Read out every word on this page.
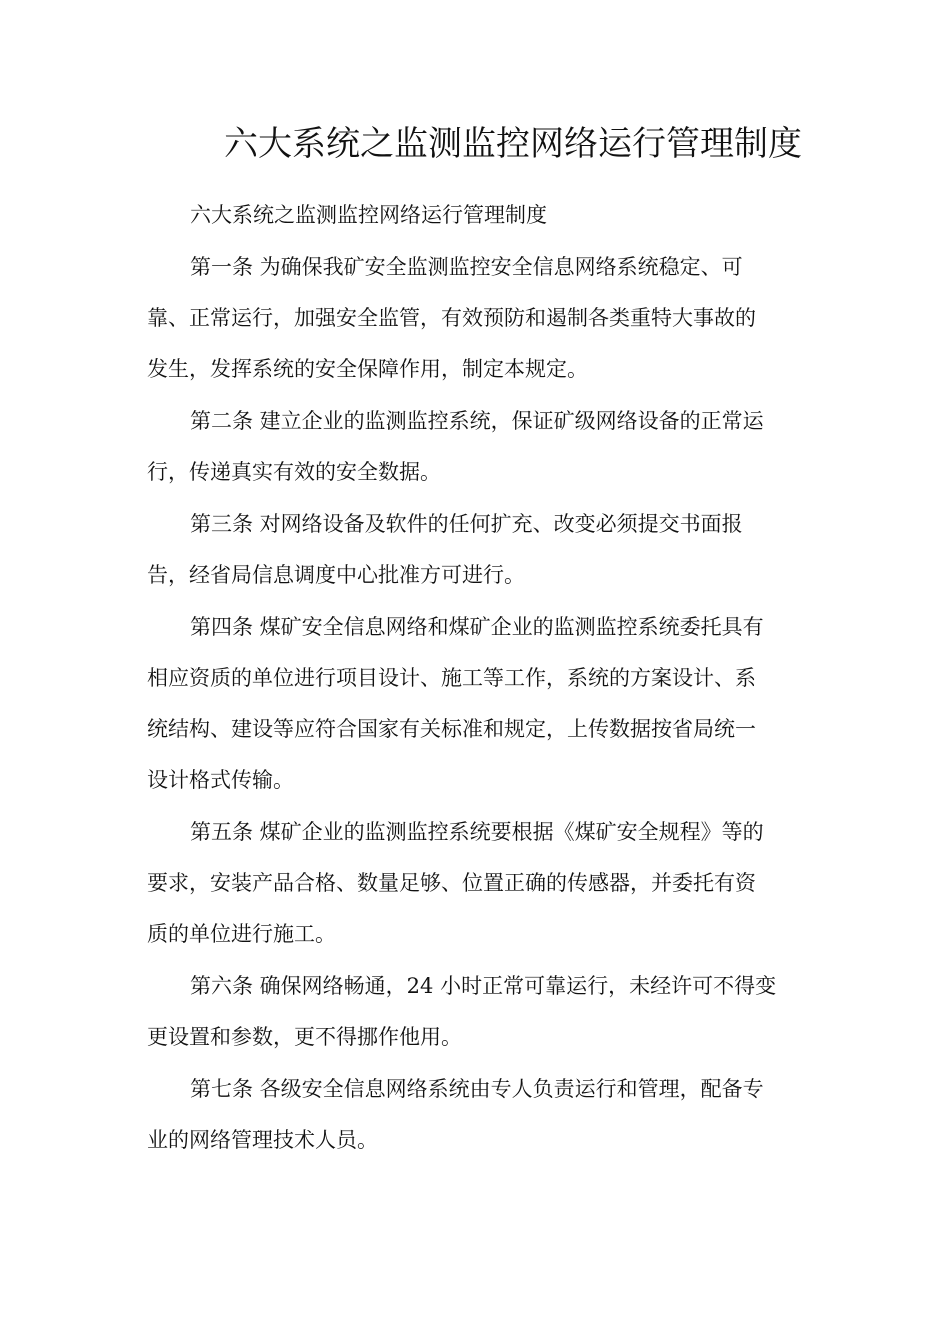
六大系统之监测监控网络运行管理制度

六大系统之监测监控网络运行管理制度

第一条 为确保我矿安全监测监控安全信息网络系统稳定、可

靠、正常运行，加强安全监管，有效预防和遏制各类重特大事故的

发生，发挥系统的安全保障作用，制定本规定。

第二条 建立企业的监测监控系统，保证矿级网络设备的正常运

行，传递真实有效的安全数据。

第三条 对网络设备及软件的任何扩充、改变必须提交书面报

告，经省局信息调度中心批准方可进行。

第四条 煤矿安全信息网络和煤矿企业的监测监控系统委托具有

相应资质的单位进行项目设计、施工等工作，系统的方案设计、系

统结构、建设等应符合国家有关标准和规定，上传数据按省局统一

设计格式传输。

第五条 煤矿企业的监测监控系统要根据《煤矿安全规程》等的

要求，安装产品合格、数量足够、位置正确的传感器，并委托有资

质的单位进行施工。

第六条 确保网络畅通，24 小时正常可靠运行，未经许可不得变

更设置和参数，更不得挪作他用。

第七条 各级安全信息网络系统由专人负责运行和管理，配备专

业的网络管理技术人员。
